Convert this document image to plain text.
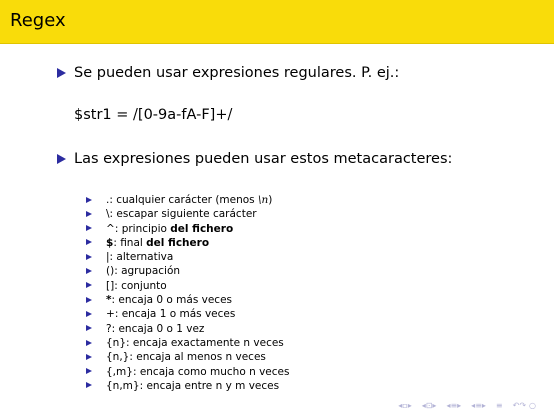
Regex
Se pueden usar expresiones regulares. P. ej.:
$str1 = /[0-9a-fA-F]+/
Las expresiones pueden usar estos metacaracteres:
.: cualquier carácter (menos \n)
\: escapar siguiente carácter
^: principio del fichero
$: final del fichero
|: alternativa
(): agrupación
[]: conjunto
*: encaja 0 o más veces
+: encaja 1 o más veces
?: encaja 0 o 1 vez
{n}: encaja exactamente n veces
{n,}: encaja al menos n veces
{,m}: encaja como mucho n veces
{n,m}: encaja entre n y m veces
◂▫▸ ◂⊡▸ ◂≡▸ ◂≡▸ ≡ ↶↷ ○
